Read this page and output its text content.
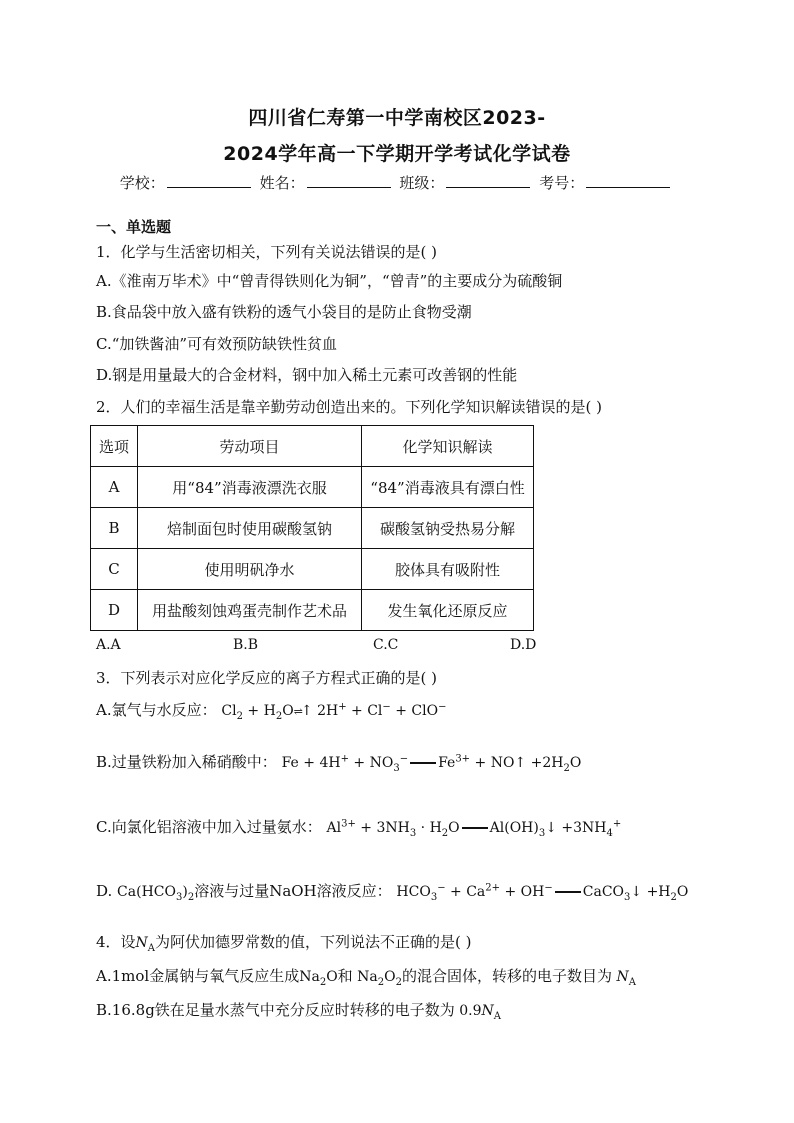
四川省仁寿第一中学南校区2023-
2024学年高一下学期开学考试化学试卷
学校：	姓名：	班级：	考号：
一、单选题
1．化学与生活密切相关，下列有关说法错误的是( )
A.《淮南万毕术》中“曾青得铁则化为铜”，“曾青”的主要成分为硫酸铜
B.食品袋中放入盛有铁粉的透气小袋目的是防止食物受潮
C.“加铁酱油”可有效预防缺铁性贫血
D.钢是用量最大的合金材料，钢中加入稀土元素可改善钢的性能
2．人们的幸福生活是靠辛勤劳动创造出来的。下列化学知识解读错误的是( )
选项	劳动项目	化学知识解读
A	用“84”消毒液漂洗衣服	“84”消毒液具有漂白性
B	焙制面包时使用碳酸氢钠	碳酸氢钠受热易分解
C	使用明矾净水	胶体具有吸附性
D	用盐酸刻蚀鸡蛋壳制作艺术品	发生氧化还原反应
A.A	B.B	C.C	D.D
3．下列表示对应化学反应的离子方程式正确的是( )
A.氯气与水反应： $Cl_2$ + $H_2O\rightleftharpoons↑$ 2H+ + Cl− + ClO−
B.过量铁粉加入稀硝酸中： $Fe + 4H^+ + NO_3^-$ $Fe^{3+}$ + NO↑ $+2H_2O$
C.向氯化铝溶液中加入过量氨水： $Al^{3+} + 3NH_3 \cdot H_2O$ $Al(OH)_3↓ +3NH_4^+$
D. $Ca(HCO_3)_2$溶液与过量NaOH溶液反应： $HCO_3^- + Ca^{2+} + OH^-$ CaCO$_3$↓ $+H_2O$
4．设$N_A$为阿伏加德罗常数的值，下列说法不正确的是( )
A.1mol金属钠与氧气反应生成$Na_2O$和 $Na_2O_2$的混合固体，转移的电子数目为 $N_A$
B.16.8g铁在足量水蒸气中充分反应时转移的电子数为 $0.9N_A$
